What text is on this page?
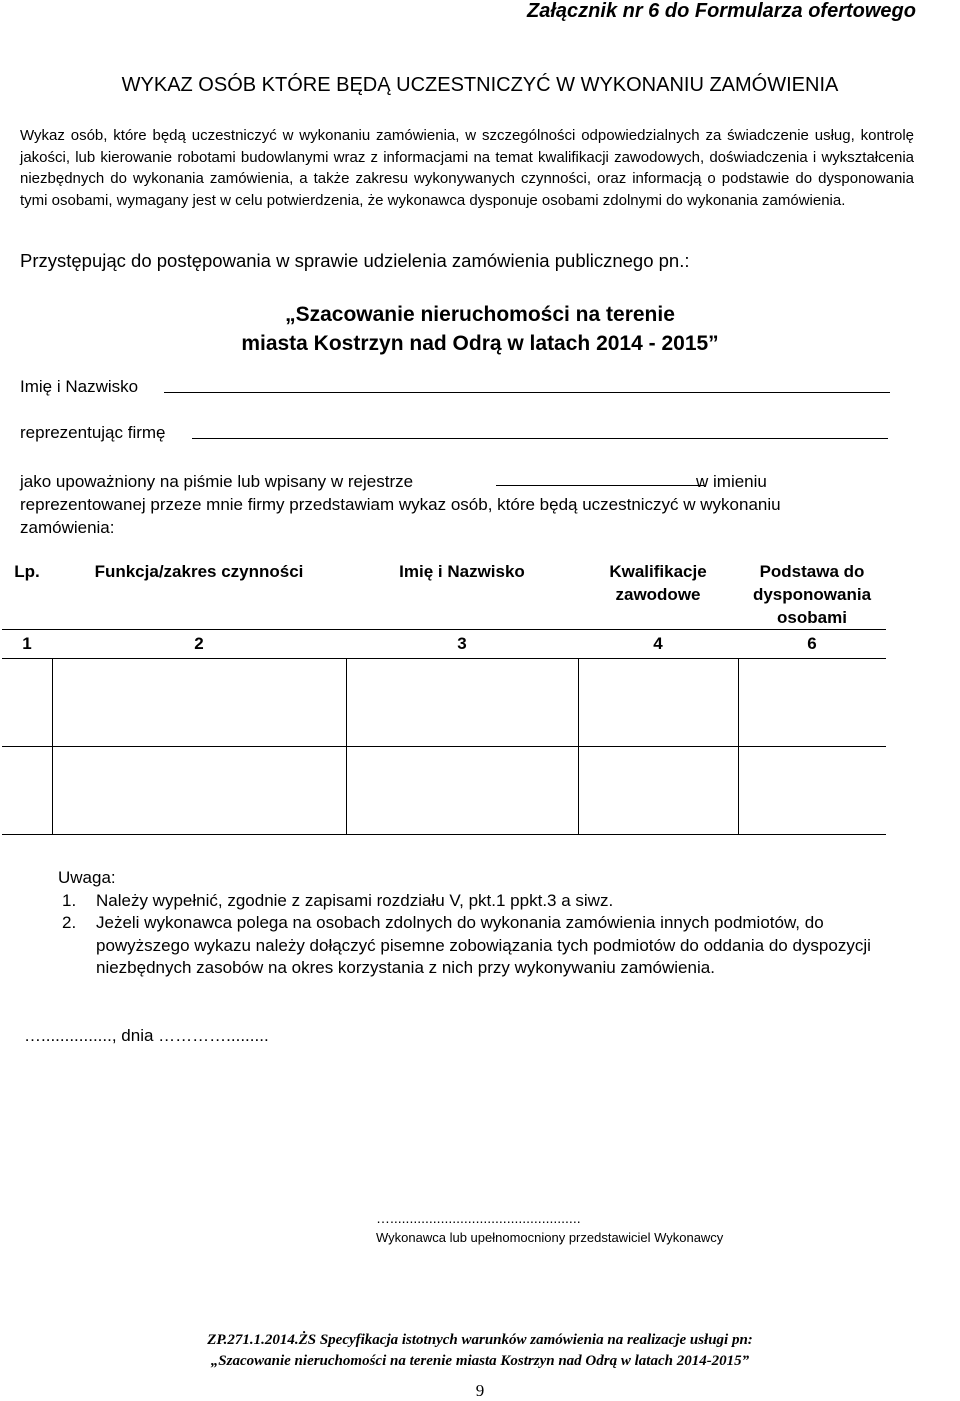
Załącznik nr 6 do Formularza ofertowego
WYKAZ OSÓB KTÓRE BĘDĄ UCZESTNICZYĆ W WYKONANIU ZAMÓWIENIA
Wykaz osób, które będą uczestniczyć w wykonaniu zamówienia, w szczególności odpowiedzialnych za świadczenie usług, kontrolę jakości, lub kierowanie robotami budowlanymi wraz z informacjami na temat kwalifikacji zawodowych, doświadczenia i wykształcenia niezbędnych do wykonania zamówienia, a także zakresu wykonywanych czynności, oraz informacją o podstawie do dysponowania tymi osobami, wymagany jest w celu potwierdzenia, że wykonawca dysponuje osobami zdolnymi do wykonania zamówienia.
Przystępując do postępowania w sprawie udzielenia zamówienia publicznego pn.:
„Szacowanie nieruchomości na terenie
miasta Kostrzyn nad Odrą w latach 2014 - 2015”
Imię i Nazwisko
reprezentując firmę
jako upoważniony na piśmie lub wpisany w rejestrze	w imieniu
reprezentowanej przeze mnie firmy przedstawiam wykaz osób, które będą uczestniczyć w wykonaniu
zamówienia:
Lp.	Funkcja/zakres czynności	Imię i Nazwisko	Kwalifikacje zawodowe	Podstawa do dysponowania osobami
1	2	3	4	6

Uwaga:
1. Należy wypełnić, zgodnie z zapisami rozdziału V, pkt.1 ppkt.3 a siwz.
2. Jeżeli wykonawca polega na osobach zdolnych do wykonania zamówienia innych podmiotów, do powyższego wykazu należy dołączyć pisemne zobowiązania tych podmiotów do oddania do dyspozycji niezbędnych zasobów na okres korzystania z nich przy wykonywaniu zamówienia.
…..............., dnia ………….........
….................................................
Wykonawca lub upełnomocniony przedstawiciel Wykonawcy
ZP.271.1.2014.ŻS Specyfikacja istotnych warunków zamówienia na realizacje usługi pn:
„Szacowanie nieruchomości na terenie miasta Kostrzyn nad Odrą w latach 2014-2015”
9
